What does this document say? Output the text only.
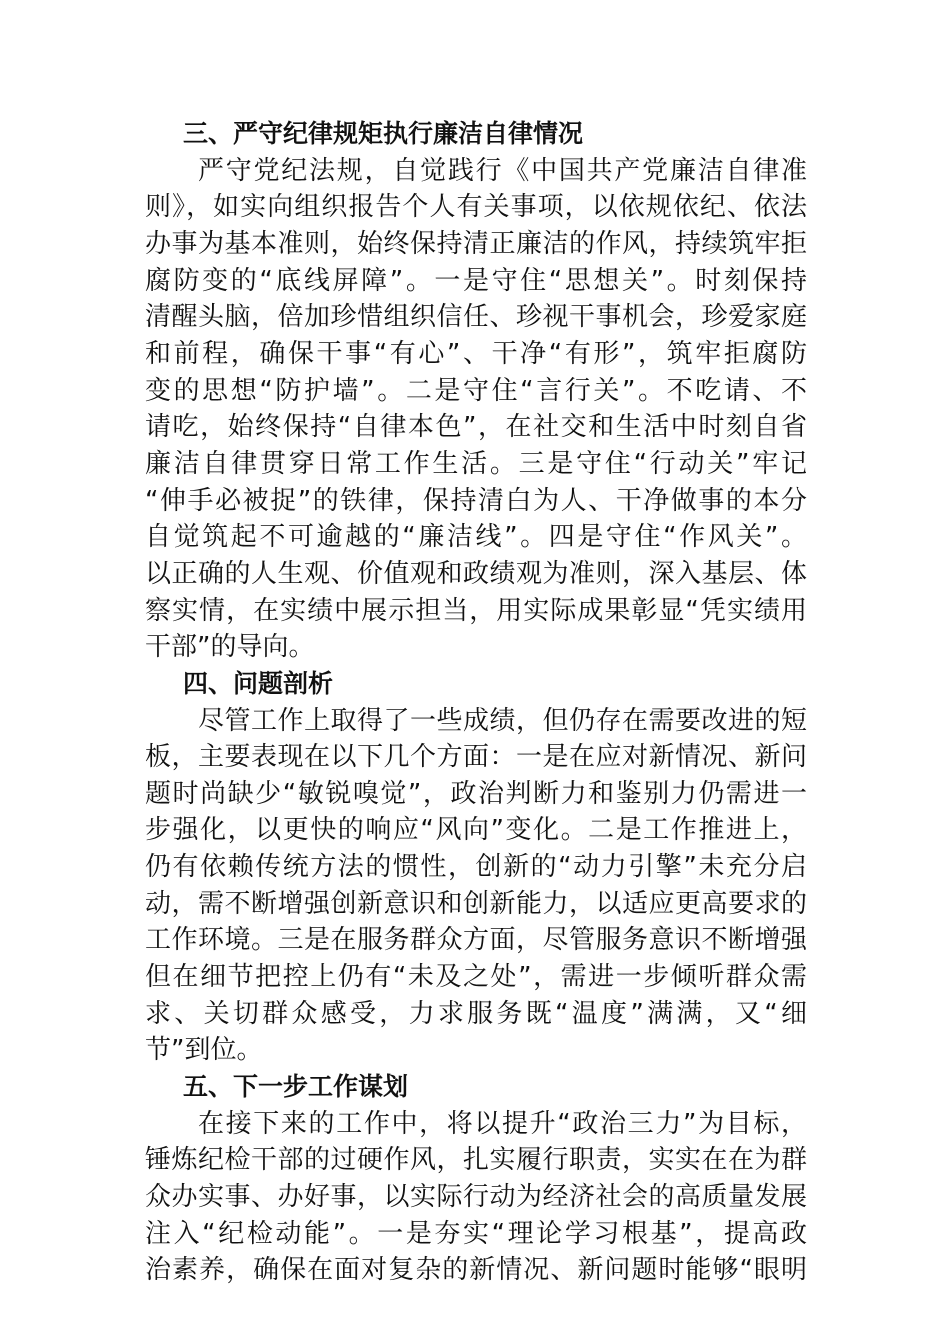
三、严守纪律规矩执行廉洁自律情况
严守党纪法规，自觉践行《中国共产党廉洁自律准
则》，如实向组织报告个人有关事项，以依规依纪、依法
办事为基本准则，始终保持清正廉洁的作风，持续筑牢拒
腐防变的“底线屏障”。一是守住“思想关”。时刻保持
清醒头脑，倍加珍惜组织信任、珍视干事机会，珍爱家庭
和前程，确保干事“有心”、干净“有形”，筑牢拒腐防
变的思想“防护墙”。二是守住“言行关”。不吃请、不
请吃，始终保持“自律本色”，在社交和生活中时刻自省
廉洁自律贯穿日常工作生活。三是守住“行动关”牢记
“伸手必被捉”的铁律，保持清白为人、干净做事的本分
自觉筑起不可逾越的“廉洁线”。四是守住“作风关”。
以正确的人生观、价值观和政绩观为准则，深入基层、体
察实情，在实绩中展示担当，用实际成果彰显“凭实绩用
干部”的导向。
四、问题剖析
尽管工作上取得了一些成绩，但仍存在需要改进的短
板，主要表现在以下几个方面：一是在应对新情况、新问
题时尚缺少“敏锐嗅觉”，政治判断力和鉴别力仍需进一
步强化，以更快的响应“风向”变化。二是工作推进上，
仍有依赖传统方法的惯性，创新的“动力引擎”未充分启
动，需不断增强创新意识和创新能力，以适应更高要求的
工作环境。三是在服务群众方面，尽管服务意识不断增强
但在细节把控上仍有“未及之处”，需进一步倾听群众需
求、关切群众感受，力求服务既“温度”满满，又“细
节”到位。
五、下一步工作谋划
在接下来的工作中，将以提升“政治三力”为目标，
锤炼纪检干部的过硬作风，扎实履行职责，实实在在为群
众办实事、办好事，以实际行动为经济社会的高质量发展
注入“纪检动能”。一是夯实“理论学习根基”，提高政
治素养，确保在面对复杂的新情况、新问题时能够“眼明
